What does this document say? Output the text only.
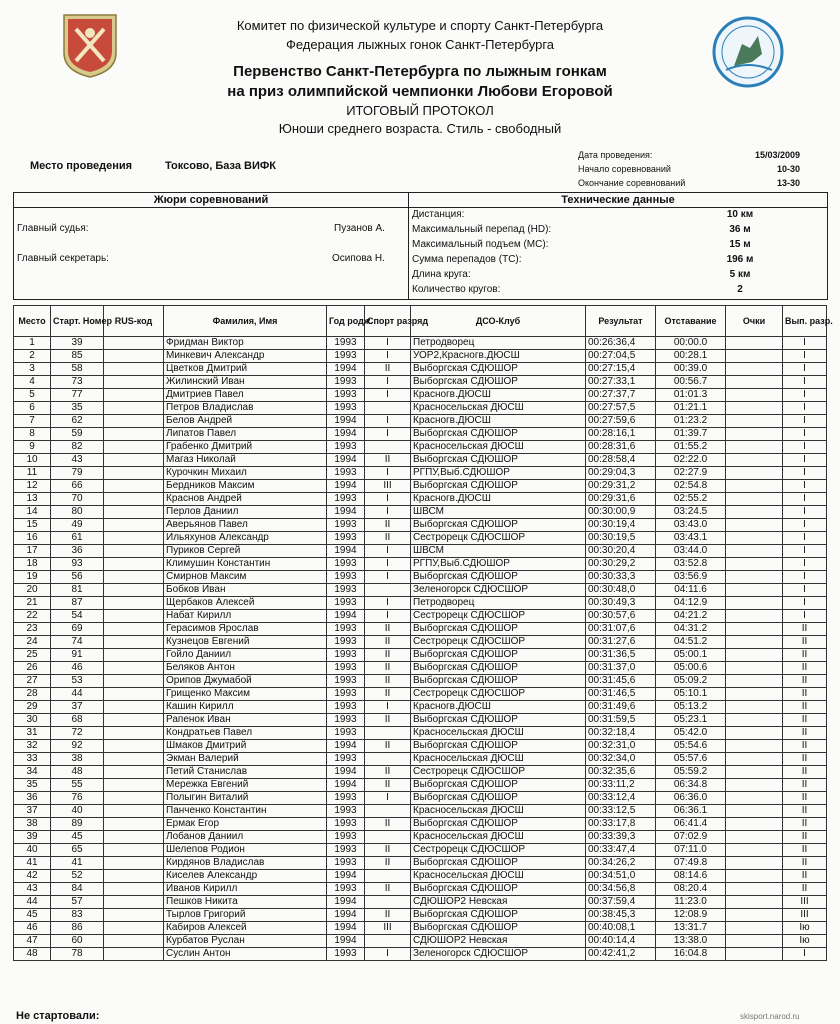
Комитет по физической культуре и спорту Санкт-Петербурга
Федерация лыжных гонок Санкт-Петербурга
Первенство Санкт-Петербурга по лыжным гонкам
на приз олимпийской чемпионки Любови Егоровой
ИТОГОВЫЙ ПРОТОКОЛ
Юноши среднего возраста. Стиль - свободный
Место проведения	Токсово, База ВИФК
Дата проведения:	15/03/2009
Начало соревнований	10-30
Окончание соревнований	13-30
Жюри соревнований
Главный судья:	Пузанов А.
Главный секретарь:	Осипова Н.
Технические данные
Дистанция:	10 км
Максимальный перепад (HD):	36 м
Максимальный подъем (МС):	15 м
Сумма перепадов (ТС):	196 м
Длина круга:	5 км
Количество кругов:	2
Место	Старт. Номер	RUS-код	Фамилия, Имя	Год родж.	Спорт разряд	ДСО-Клуб	Результат	Отставание	Очки	Вып. разр.
1	39		Фридман Виктор	1993	I	Петродворец	00:26:36,4	00:00.0		I
2	85		Минкевич Александр	1993	I	УОР2,Красногв.ДЮСШ	00:27:04,5	00:28.1		I
3	58		Цветков Дмитрий	1994	II	Выборгская СДЮШОР	00:27:15,4	00:39.0		I
4	73		Жилинский Иван	1993	I	Выборгская СДЮШОР	00:27:33,1	00:56.7		I
5	77		Дмитриев Павел	1993	I	Красногв.ДЮСШ	00:27:37,7	01:01.3		I
6	35		Петров Владислав	1993		Красносельская ДЮСШ	00:27:57,5	01:21.1		I
7	62		Белов Андрей	1994	I	Красногв.ДЮСШ	00:27:59,6	01:23.2		I
8	59		Липатов Павел	1994	I	Выборгская СДЮШОР	00:28:16,1	01:39.7		I
9	82		Грабенко Дмитрий	1993		Красносельская ДЮСШ	00:28:31,6	01:55.2		I
10	43		Магаз Николай	1994	II	Выборгская СДЮШОР	00:28:58,4	02:22.0		I
11	79		Курочкин Михаил	1993	I	РГПУ,Выб.СДЮШОР	00:29:04,3	02:27.9		I
12	66		Бердников Максим	1994	III	Выборгская СДЮШОР	00:29:31,2	02:54.8		I
13	70		Краснов Андрей	1993	I	Красногв.ДЮСШ	00:29:31,6	02:55.2		I
14	80		Перлов Даниил	1994	I	ШВСМ	00:30:00,9	03:24.5		I
15	49		Аверьянов Павел	1993	II	Выборгская СДЮШОР	00:30:19,4	03:43.0		I
16	61		Ильяхунов Александр	1993	II	Сестрорецк СДЮСШОР	00:30:19,5	03:43.1		I
17	36		Пуриков Сергей	1994	I	ШВСМ	00:30:20,4	03:44.0		I
18	93		Климушин Константин	1993	I	РГПУ,Выб.СДЮШОР	00:30:29,2	03:52.8		I
19	56		Смирнов Максим	1993	I	Выборгская СДЮШОР	00:30:33,3	03:56.9		I
20	81		Бобков Иван	1993		Зеленогорск СДЮСШОР	00:30:48,0	04:11.6		I
21	87		Щербаков Алексей	1993	I	Петродворец	00:30:49,3	04:12.9		I
22	54		Набат Кирилл	1994	I	Сестрорецк СДЮСШОР	00:30:57,6	04:21.2		I
23	69		Герасимов Ярослав	1993	II	Выборгская СДЮШОР	00:31:07,6	04:31.2		II
24	74		Кузнецов Евгений	1993	II	Сестрорецк СДЮСШОР	00:31:27,6	04:51.2		II
25	91		Гойло Даниил	1993	II	Выборгская СДЮШОР	00:31:36,5	05:00.1		II
26	46		Беляков Антон	1993	II	Выборгская СДЮШОР	00:31:37,0	05:00.6		II
27	53		Орипов Джумабой	1993	II	Выборгская СДЮШОР	00:31:45,6	05:09.2		II
28	44		Грищенко Максим	1993	II	Сестрорецк СДЮСШОР	00:31:46,5	05:10.1		II
29	37		Кашин Кирилл	1993	I	Красногв.ДЮСШ	00:31:49,6	05:13.2		II
30	68		Рапенок Иван	1993	II	Выборгская СДЮШОР	00:31:59,5	05:23.1		II
31	72		Кондратьев Павел	1993		Красносельская ДЮСШ	00:32:18,4	05:42.0		II
32	92		Шмаков Дмитрий	1994	II	Выборгская СДЮШОР	00:32:31,0	05:54.6		II
33	38		Экман Валерий	1993		Красносельская ДЮСШ	00:32:34,0	05:57.6		II
34	48		Петий Станислав	1994	II	Сестрорецк СДЮСШОР	00:32:35,6	05:59.2		II
35	55		Мережка Евгений	1994	II	Выборгская СДЮШОР	00:33:11,2	06:34.8		II
36	76		Полыгин Виталий	1993	I	Выборгская СДЮШОР	00:33:12,4	06:36.0		II
37	40		Панченко Константин	1993		Красносельская ДЮСШ	00:33:12,5	06:36.1		II
38	89		Ермак Егор	1993	II	Выборгская СДЮШОР	00:33:17,8	06:41.4		II
39	45		Лобанов Даниил	1993		Красносельская ДЮСШ	00:33:39,3	07:02.9		II
40	65		Шелепов Родион	1993	II	Сестрорецк СДЮСШОР	00:33:47,4	07:11.0		II
41	41		Кирдянов Владислав	1993	II	Выборгская СДЮШОР	00:34:26,2	07:49.8		II
42	52		Киселев Александр	1994		Красносельская ДЮСШ	00:34:51,0	08:14.6		II
43	84		Иванов Кирилл	1993	II	Выборгская СДЮШОР	00:34:56,8	08:20.4		II
44	57		Пешков Никита	1994		СДЮШОР2 Невская	00:37:59,4	11:23.0		III
45	83		Тырлов Григорий	1994	II	Выборгская СДЮШОР	00:38:45,3	12:08.9		III
46	86		Кабиров Алексей	1994	III	Выборгская СДЮШОР	00:40:08,1	13:31.7		Iю
47	60		Курбатов Руслан	1994		СДЮШОР2 Невская	00:40:14,4	13:38.0		Iю
48	78		Суслин Антон	1993	I	Зеленогорск СДЮСШОР	00:42:41,2	16:04.8		I
Не стартовали:	skisport.narod.ru
